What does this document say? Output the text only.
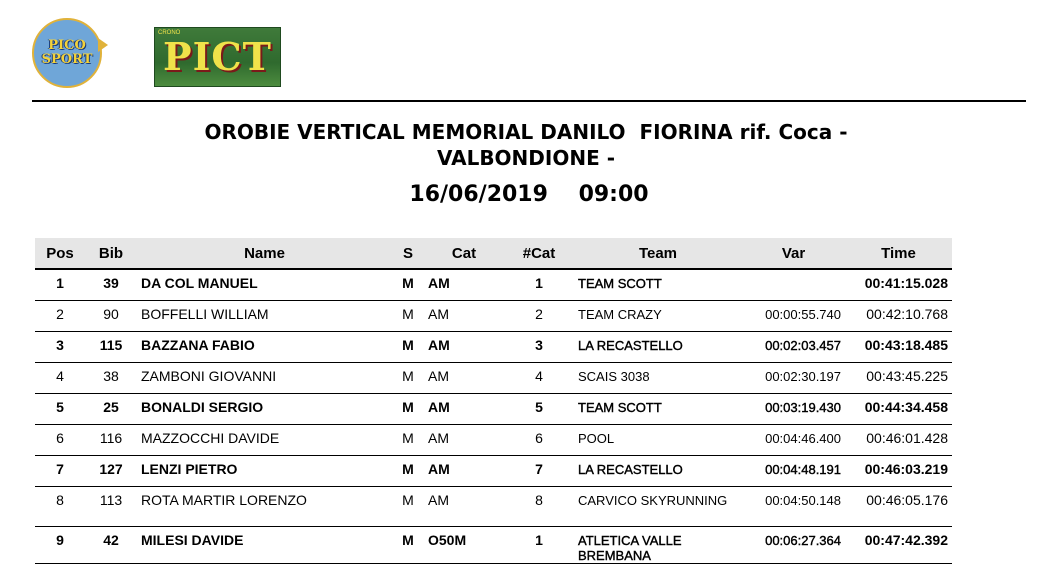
PICO SPORT
CRONO
PICT
OROBIE VERTICAL MEMORIAL DANILO  FIORINA rif. Coca -
VALBONDIONE -
16/06/2019 09:00
Pos	Bib	Name	S	Cat	#Cat	Team	Var	Time
1	39	DA COL MANUEL	M	AM	1	TEAM SCOTT		00:41:15.028
2	90	BOFFELLI WILLIAM	M	AM	2	TEAM CRAZY	00:00:55.740	00:42:10.768
3	115	BAZZANA FABIO	M	AM	3	LA RECASTELLO	00:02:03.457	00:43:18.485
4	38	ZAMBONI GIOVANNI	M	AM	4	SCAIS 3038	00:02:30.197	00:43:45.225
5	25	BONALDI SERGIO	M	AM	5	TEAM SCOTT	00:03:19.430	00:44:34.458
6	116	MAZZOCCHI DAVIDE	M	AM	6	POOL	00:04:46.400	00:46:01.428
7	127	LENZI PIETRO	M	AM	7	LA RECASTELLO	00:04:48.191	00:46:03.219
8	113	ROTA MARTIR LORENZO	M	AM	8	CARVICO SKYRUNNING	00:04:50.148	00:46:05.176
9	42	MILESI DAVIDE	M	O50M	1	ATLETICA VALLE BREMBANA	00:06:27.364	00:47:42.392
